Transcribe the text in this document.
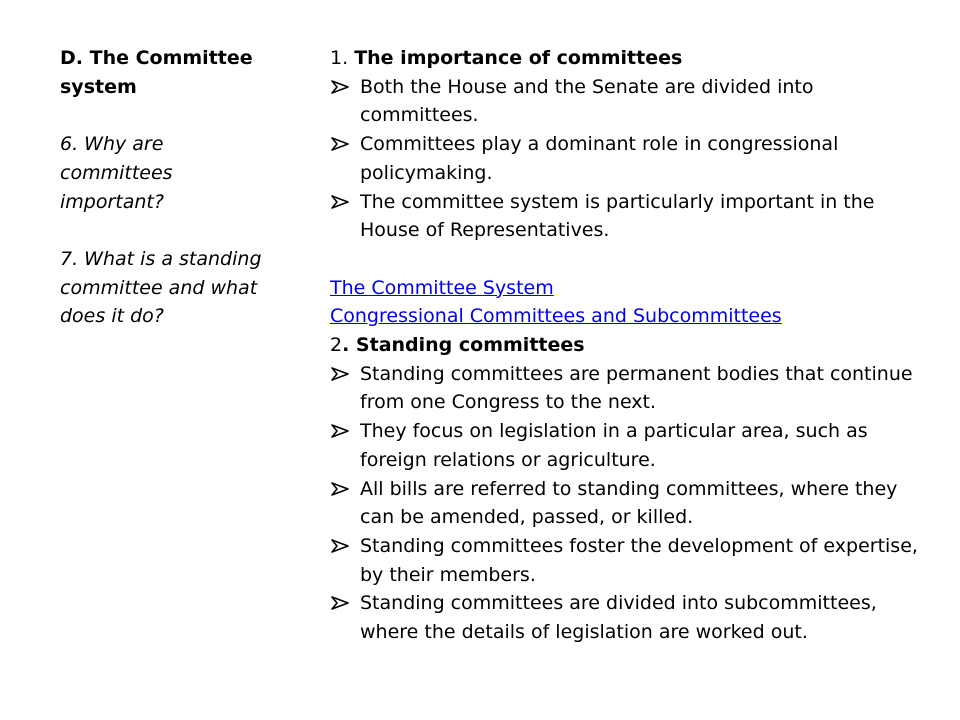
D. The Committee
system
6. Why are committees important?
7. What is a standing committee and what does it do?
1. The importance of committees
Both the House and the Senate are divided into committees.
Committees play a dominant role in congressional policymaking.
The committee system is particularly important in the House of Representatives.
The Committee System
Congressional Committees and Subcommittees
2. Standing committees
Standing committees are permanent bodies that continue from one Congress to the next.
They focus on legislation in a particular area, such as foreign relations or agriculture.
All bills are referred to standing committees, where they can be amended, passed, or killed.
Standing committees foster the development of expertise, by their members.
Standing committees are divided into subcommittees, where the details of legislation are worked out.
